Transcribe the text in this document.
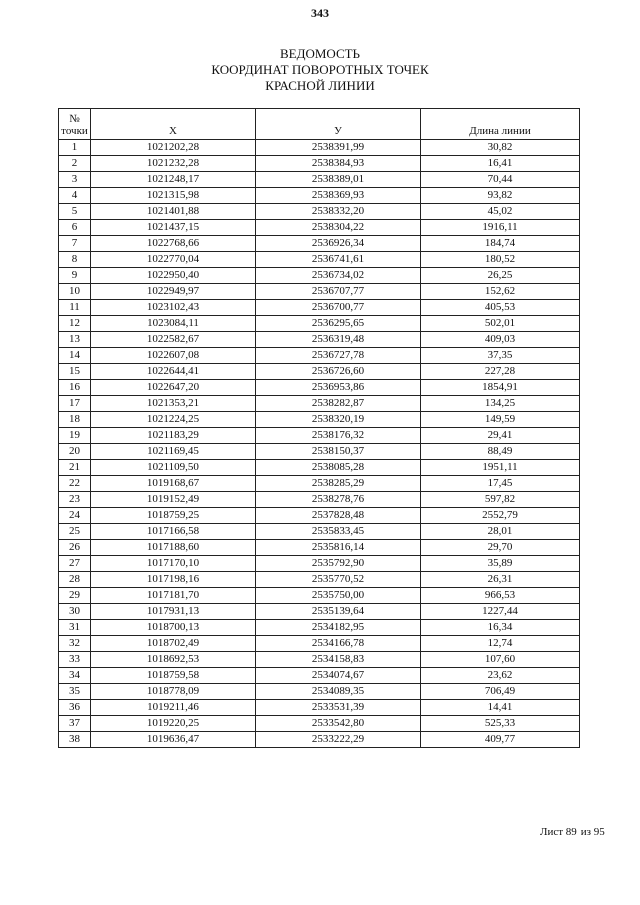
343
ВЕДОМОСТЬ
КООРДИНАТ ПОВОРОТНЫХ ТОЧЕК
КРАСНОЙ ЛИНИИ
№
точки	X	У	Длина линии
1	1021202,28	2538391,99	30,82
2	1021232,28	2538384,93	16,41
3	1021248,17	2538389,01	70,44
4	1021315,98	2538369,93	93,82
5	1021401,88	2538332,20	45,02
6	1021437,15	2538304,22	1916,11
7	1022768,66	2536926,34	184,74
8	1022770,04	2536741,61	180,52
9	1022950,40	2536734,02	26,25
10	1022949,97	2536707,77	152,62
11	1023102,43	2536700,77	405,53
12	1023084,11	2536295,65	502,01
13	1022582,67	2536319,48	409,03
14	1022607,08	2536727,78	37,35
15	1022644,41	2536726,60	227,28
16	1022647,20	2536953,86	1854,91
17	1021353,21	2538282,87	134,25
18	1021224,25	2538320,19	149,59
19	1021183,29	2538176,32	29,41
20	1021169,45	2538150,37	88,49
21	1021109,50	2538085,28	1951,11
22	1019168,67	2538285,29	17,45
23	1019152,49	2538278,76	597,82
24	1018759,25	2537828,48	2552,79
25	1017166,58	2535833,45	28,01
26	1017188,60	2535816,14	29,70
27	1017170,10	2535792,90	35,89
28	1017198,16	2535770,52	26,31
29	1017181,70	2535750,00	966,53
30	1017931,13	2535139,64	1227,44
31	1018700,13	2534182,95	16,34
32	1018702,49	2534166,78	12,74
33	1018692,53	2534158,83	107,60
34	1018759,58	2534074,67	23,62
35	1018778,09	2534089,35	706,49
36	1019211,46	2533531,39	14,41
37	1019220,25	2533542,80	525,33
38	1019636,47	2533222,29	409,77
Лист 89 из 95
